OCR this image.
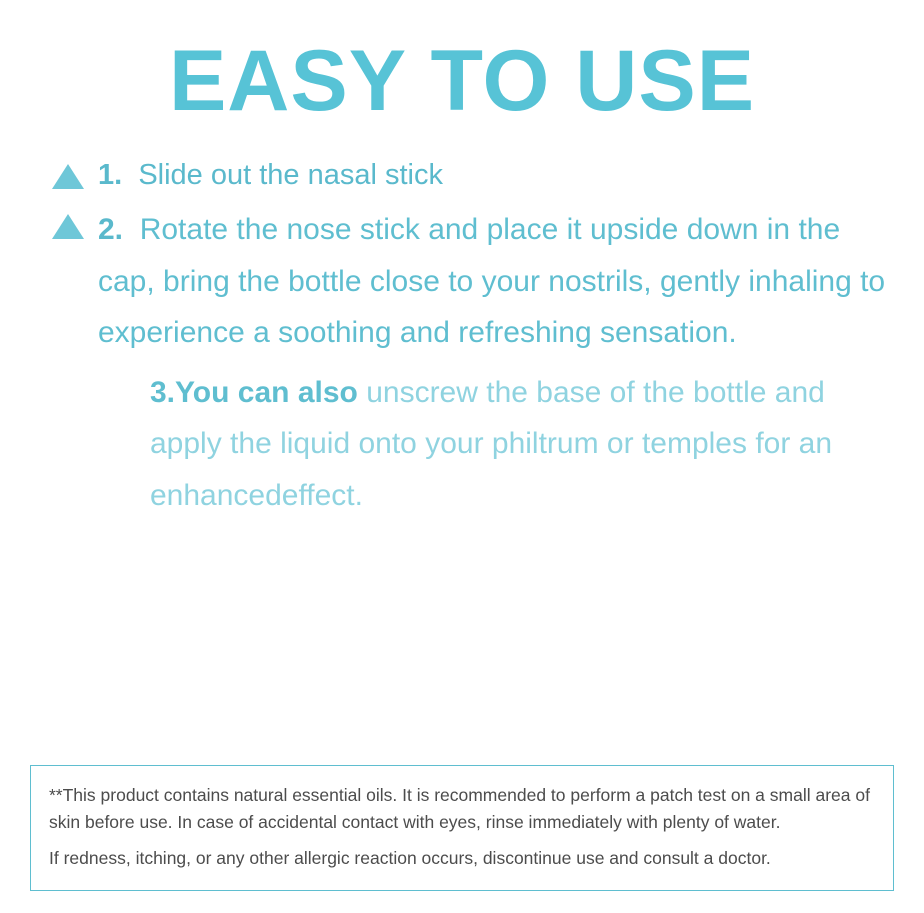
EASY TO USE
1. Slide out the nasal stick
2. Rotate the nose stick and place it upside down in the cap, bring the bottle close to your nostrils, gently inhaling to experience a soothing and refreshing sensation.
3.You can also unscrew the base of the bottle and apply the liquid onto your philtrum or temples for an enhancedeffect.

**This product contains natural essential oils. It is recommended to perform a patch test on a small area of skin before use. In case of accidental contact with eyes, rinse immediately with plenty of water.

If redness, itching, or any other allergic reaction occurs, discontinue use and consult a doctor.
